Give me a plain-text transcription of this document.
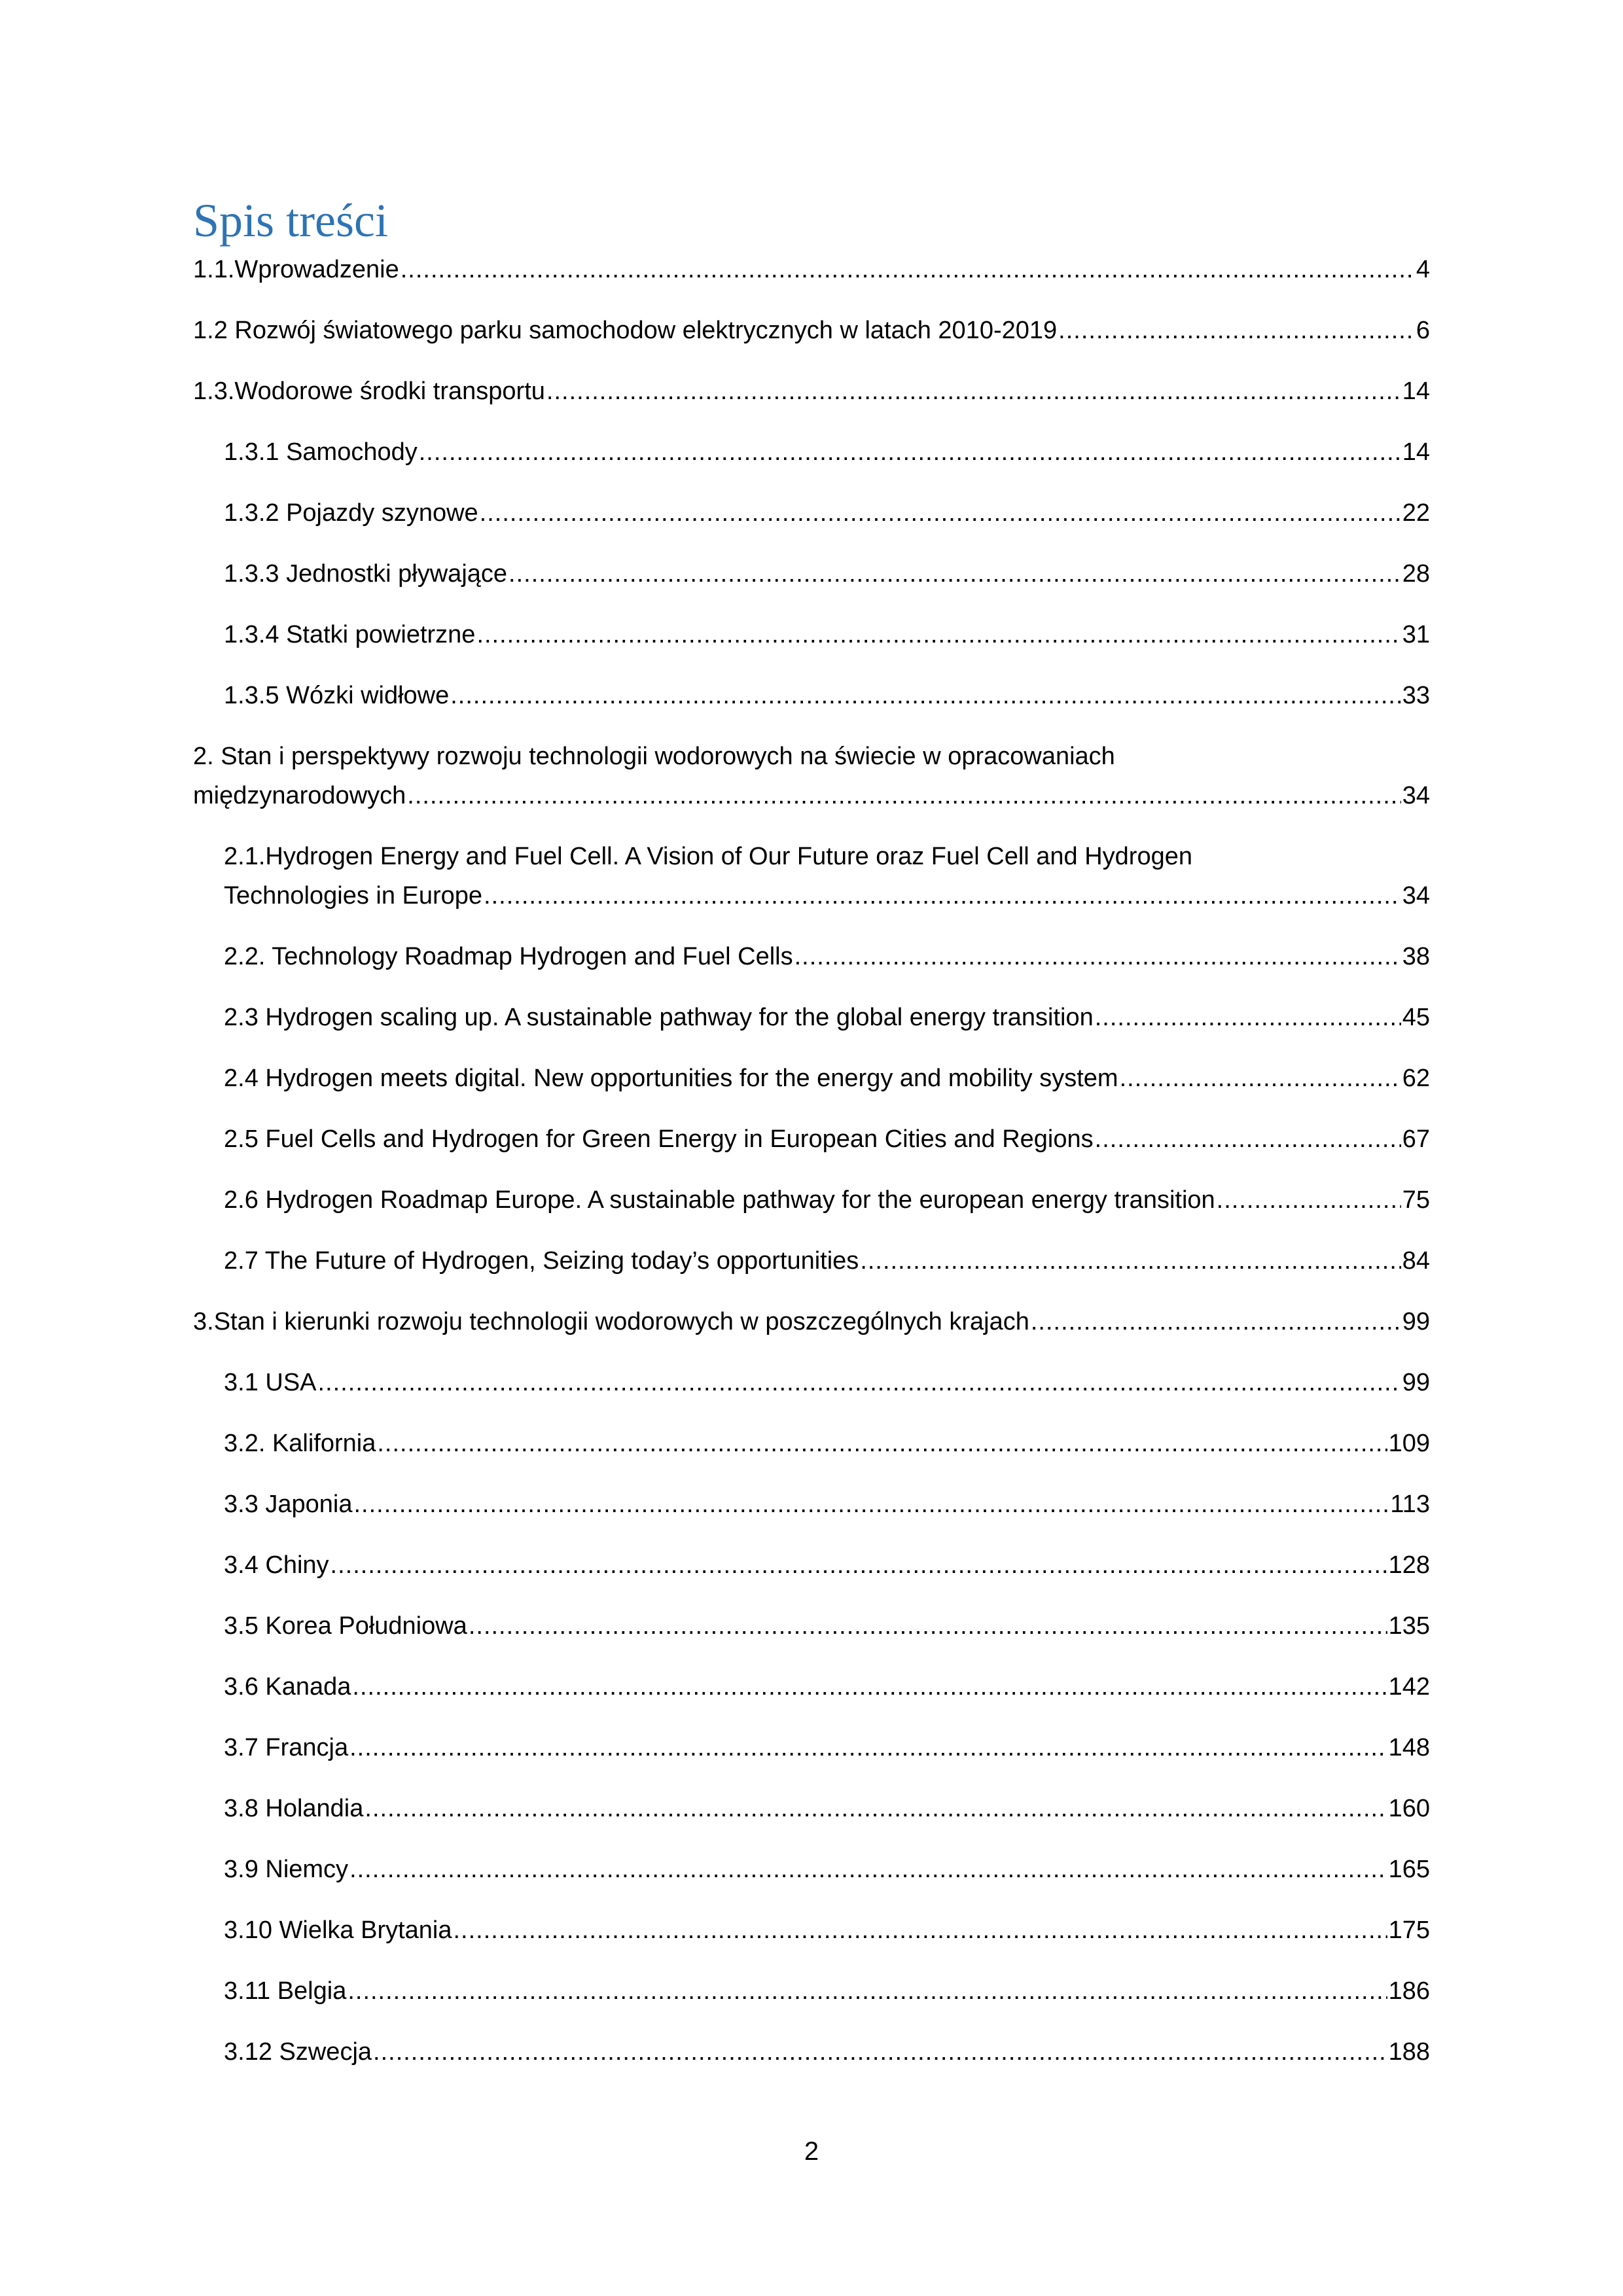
Spis treści
1.1.Wprowadzenie .....	4
1.2 Rozwój światowego parku samochodow elektrycznych w latach 2010-2019 .....	6
1.3.Wodorowe środki transportu .....	14
1.3.1 Samochody .....	14
1.3.2 Pojazdy szynowe .....	22
1.3.3 Jednostki pływające .....	28
1.3.4 Statki powietrzne .....	31
1.3.5 Wózki widłowe .....	33
2. Stan i perspektywy rozwoju technologii wodorowych na świecie w opracowaniach
międzynarodowych .....	34
2.1.Hydrogen Energy and Fuel Cell. A Vision of Our Future oraz Fuel Cell and Hydrogen
Technologies in Europe .....	34
2.2. Technology Roadmap Hydrogen and Fuel Cells .....	38
2.3 Hydrogen scaling up. A sustainable pathway for the global energy transition .....	45
2.4 Hydrogen meets digital. New opportunities for the energy and mobility system .....	62
2.5 Fuel Cells and Hydrogen for Green Energy in European Cities and Regions .....	67
2.6 Hydrogen Roadmap Europe. A sustainable pathway for the european energy transition .....	75
2.7 The Future of Hydrogen, Seizing today’s opportunities .....	84
3.Stan i kierunki rozwoju technologii wodorowych w poszczególnych krajach .....	99
3.1 USA .....	99
3.2. Kalifornia .....	109
3.3 Japonia .....	113
3.4 Chiny .....	128
3.5 Korea Południowa .....	135
3.6 Kanada .....	142
3.7 Francja .....	148
3.8 Holandia .....	160
3.9 Niemcy .....	165
3.10 Wielka Brytania .....	175
3.11 Belgia .....	186
3.12 Szwecja .....	188
2
